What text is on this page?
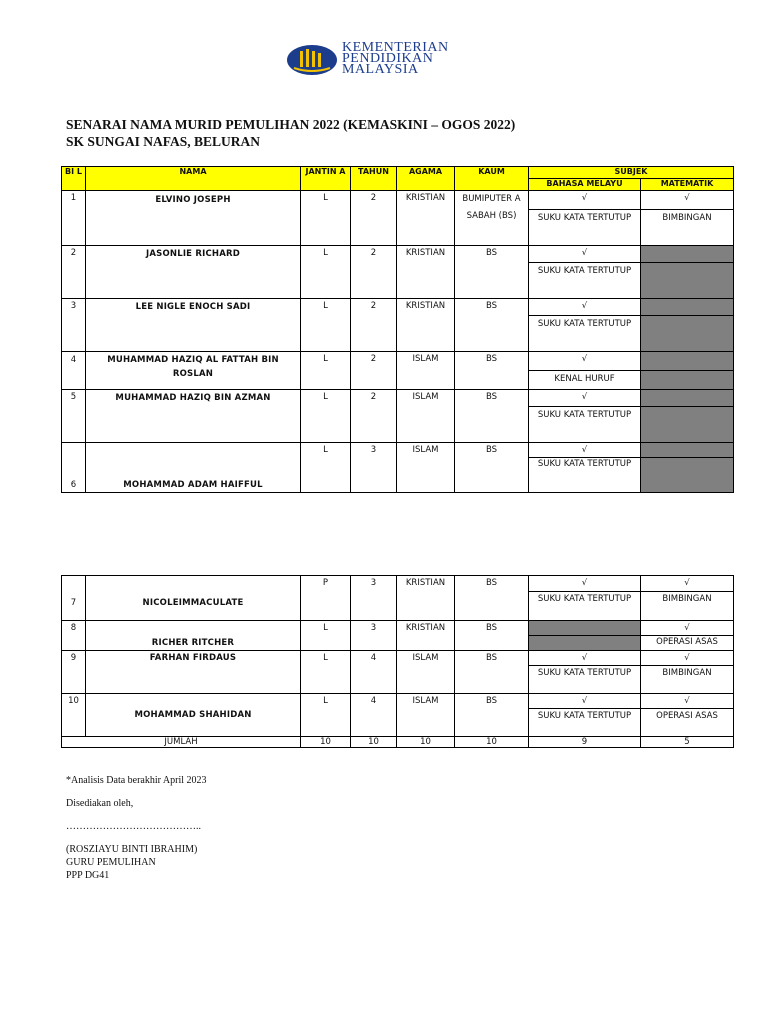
KEMENTERIAN
PENDIDIKAN
MALAYSIA
SENARAI NAMA MURID PEMULIHAN 2022 (KEMASKINI – OGOS 2022)
SK SUNGAI NAFAS, BELURAN
BI L	NAMA	JANTIN A	TAHUN	AGAMA	KAUM	SUBJEK	
						BAHASA MELAYU	MATEMATIK
1	ELVINO JOSEPH	L	2	KRISTIAN	BUMIPUTER A SABAH (BS)	√	√
						SUKU KATA TERTUTUP	BIMBINGAN
2	JASONLIE RICHARD	L	2	KRISTIAN	BS	√	
						SUKU KATA TERTUTUP	
3	LEE NIGLE ENOCH SADI	L	2	KRISTIAN	BS	√	
						SUKU KATA TERTUTUP	
4	MUHAMMAD HAZIQ AL FATTAH BIN ROSLAN	L	2	ISLAM	BS	√	
						KENAL HURUF	
5	MUHAMMAD HAZIQ BIN AZMAN	L	2	ISLAM	BS	√	
						SUKU KATA TERTUTUP	
6	MOHAMMAD ADAM HAIFFUL	L	3	ISLAM	BS	√	
						SUKU KATA TERTUTUP	
7	NICOLEIMMACULATE	P	3	KRISTIAN	BS	√	√
						SUKU KATA TERTUTUP	BIMBINGAN
8	RICHER RITCHER	L	3	KRISTIAN	BS		√
							OPERASI ASAS
9	FARHAN FIRDAUS	L	4	ISLAM	BS	√	√
						SUKU KATA TERTUTUP	BIMBINGAN
10	MOHAMMAD SHAHIDAN	L	4	ISLAM	BS	√	√
						SUKU KATA TERTUTUP	OPERASI ASAS
JUMLAH		10	10	10	10	9	5
*Analisis Data berakhir April 2023
Disediakan oleh,
…………………………………..
(ROSZIAYU BINTI IBRAHIM)
GURU PEMULIHAN
PPP DG41
